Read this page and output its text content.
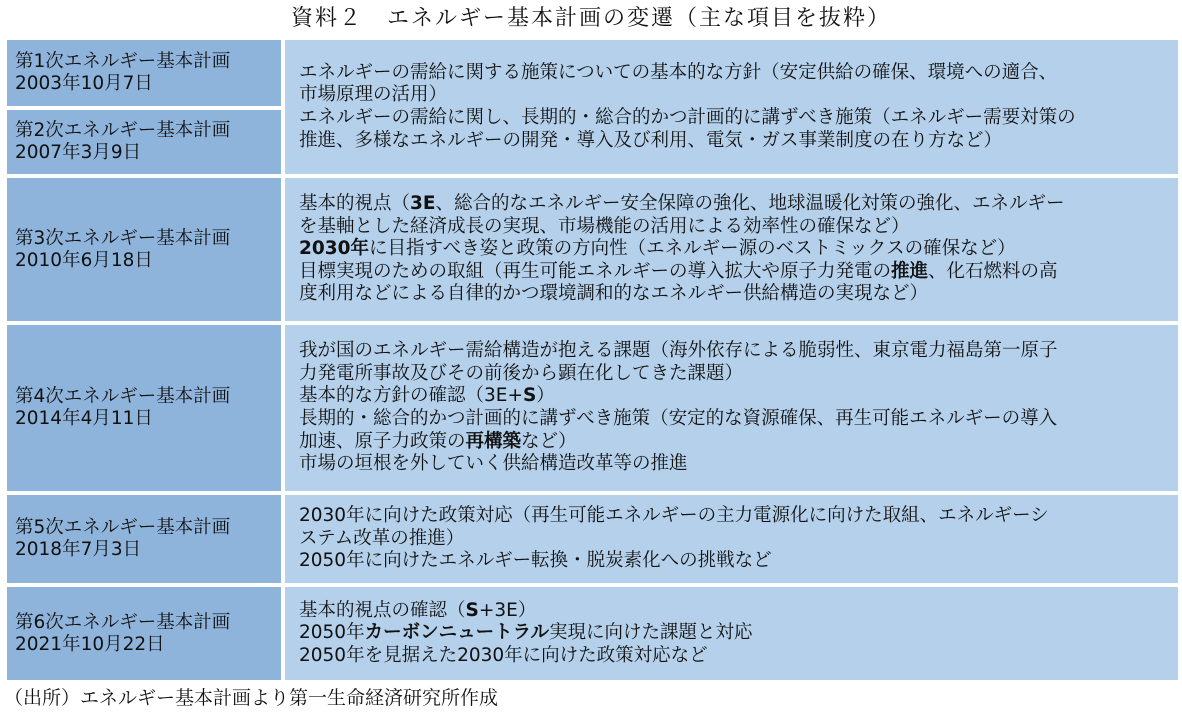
資料２　エネルギー基本計画の変遷（主な項目を抜粋）
第1次エネルギー基本計画
2003年10月7日
第2次エネルギー基本計画
2007年3月9日
エネルギーの需給に関する施策についての基本的な方針（安定供給の確保、環境への適合、
市場原理の活用）
エネルギーの需給に関し、長期的・総合的かつ計画的に講ずべき施策（エネルギー需要対策の
推進、多様なエネルギーの開発・導入及び利用、電気・ガス事業制度の在り方など）
第3次エネルギー基本計画
2010年6月18日
基本的視点（3E、総合的なエネルギー安全保障の強化、地球温暖化対策の強化、エネルギー
を基軸とした経済成長の実現、市場機能の活用による効率性の確保など）
2030年に目指すべき姿と政策の方向性（エネルギー源のベストミックスの確保など）
目標実現のための取組（再生可能エネルギーの導入拡大や原子力発電の推進、化石燃料の高
度利用などによる自律的かつ環境調和的なエネルギー供給構造の実現など）
第4次エネルギー基本計画
2014年4月11日
我が国のエネルギー需給構造が抱える課題（海外依存による脆弱性、東京電力福島第一原子
力発電所事故及びその前後から顕在化してきた課題）
基本的な方針の確認（3E+S）
長期的・総合的かつ計画的に講ずべき施策（安定的な資源確保、再生可能エネルギーの導入
加速、原子力政策の再構築など）
市場の垣根を外していく供給構造改革等の推進
第5次エネルギー基本計画
2018年7月3日
2030年に向けた政策対応（再生可能エネルギーの主力電源化に向けた取組、エネルギーシ
ステム改革の推進）
2050年に向けたエネルギー転換・脱炭素化への挑戦など
第6次エネルギー基本計画
2021年10月22日
基本的視点の確認（S+3E）
2050年カーボンニュートラル実現に向けた課題と対応
2050年を見据えた2030年に向けた政策対応など
（出所）エネルギー基本計画より第一生命経済研究所作成
